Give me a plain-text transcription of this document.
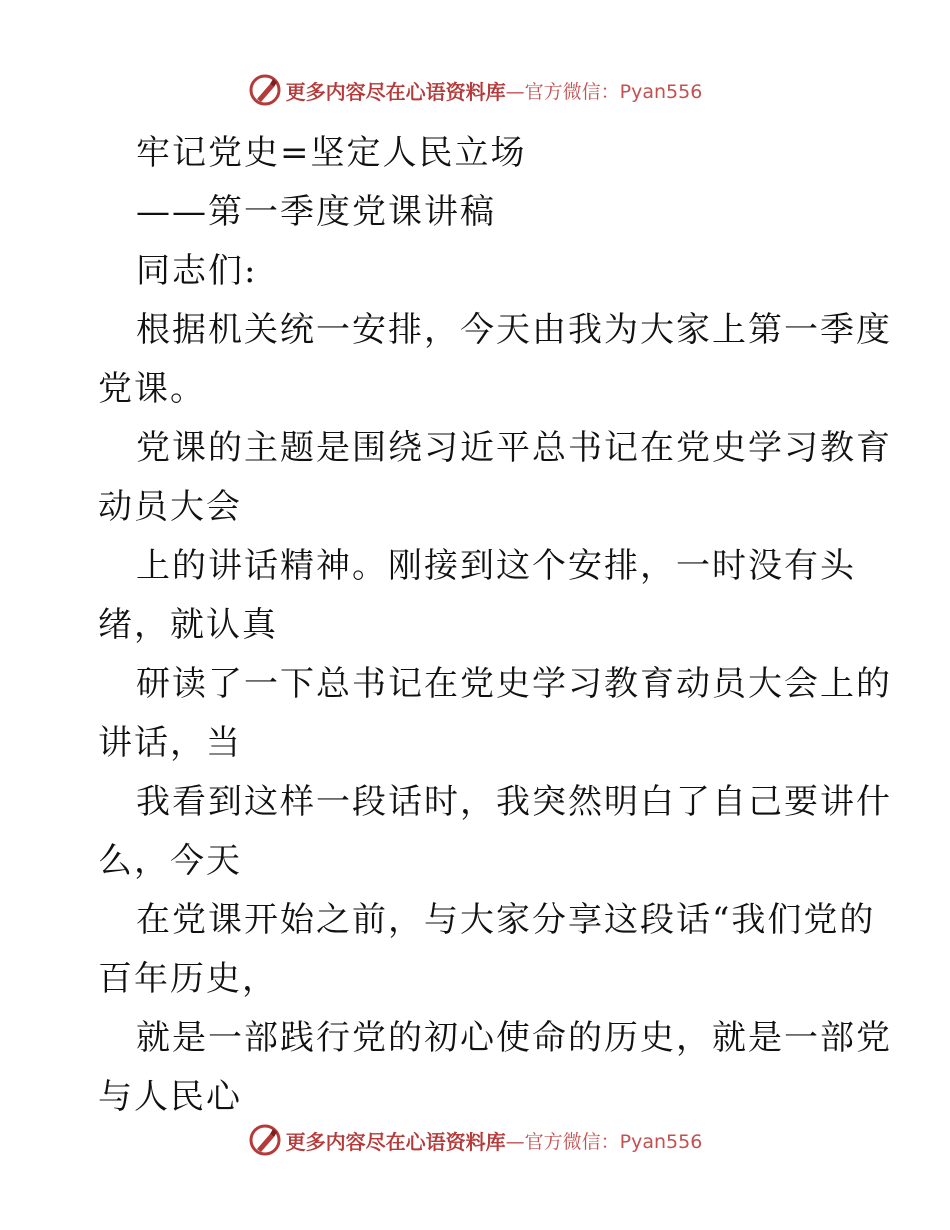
更多内容尽在心语资料库 —官方微信：Pyan556
牢记党史=坚定人民立场
——第一季度党课讲稿
同志们:
根据机关统一安排，今天由我为大家上第一季度
党课。
党课的主题是围绕习近平总书记在党史学习教育
动员大会
上的讲话精神。刚接到这个安排，一时没有头
绪，就认真
研读了一下总书记在党史学习教育动员大会上的
讲话，当
我看到这样一段话时，我突然明白了自己要讲什
么，今天
在党课开始之前，与大家分享这段话“我们党的
百年历史，
就是一部践行党的初心使命的历史，就是一部党
与人民心
更多内容尽在心语资料库 —官方微信：Pyan556
